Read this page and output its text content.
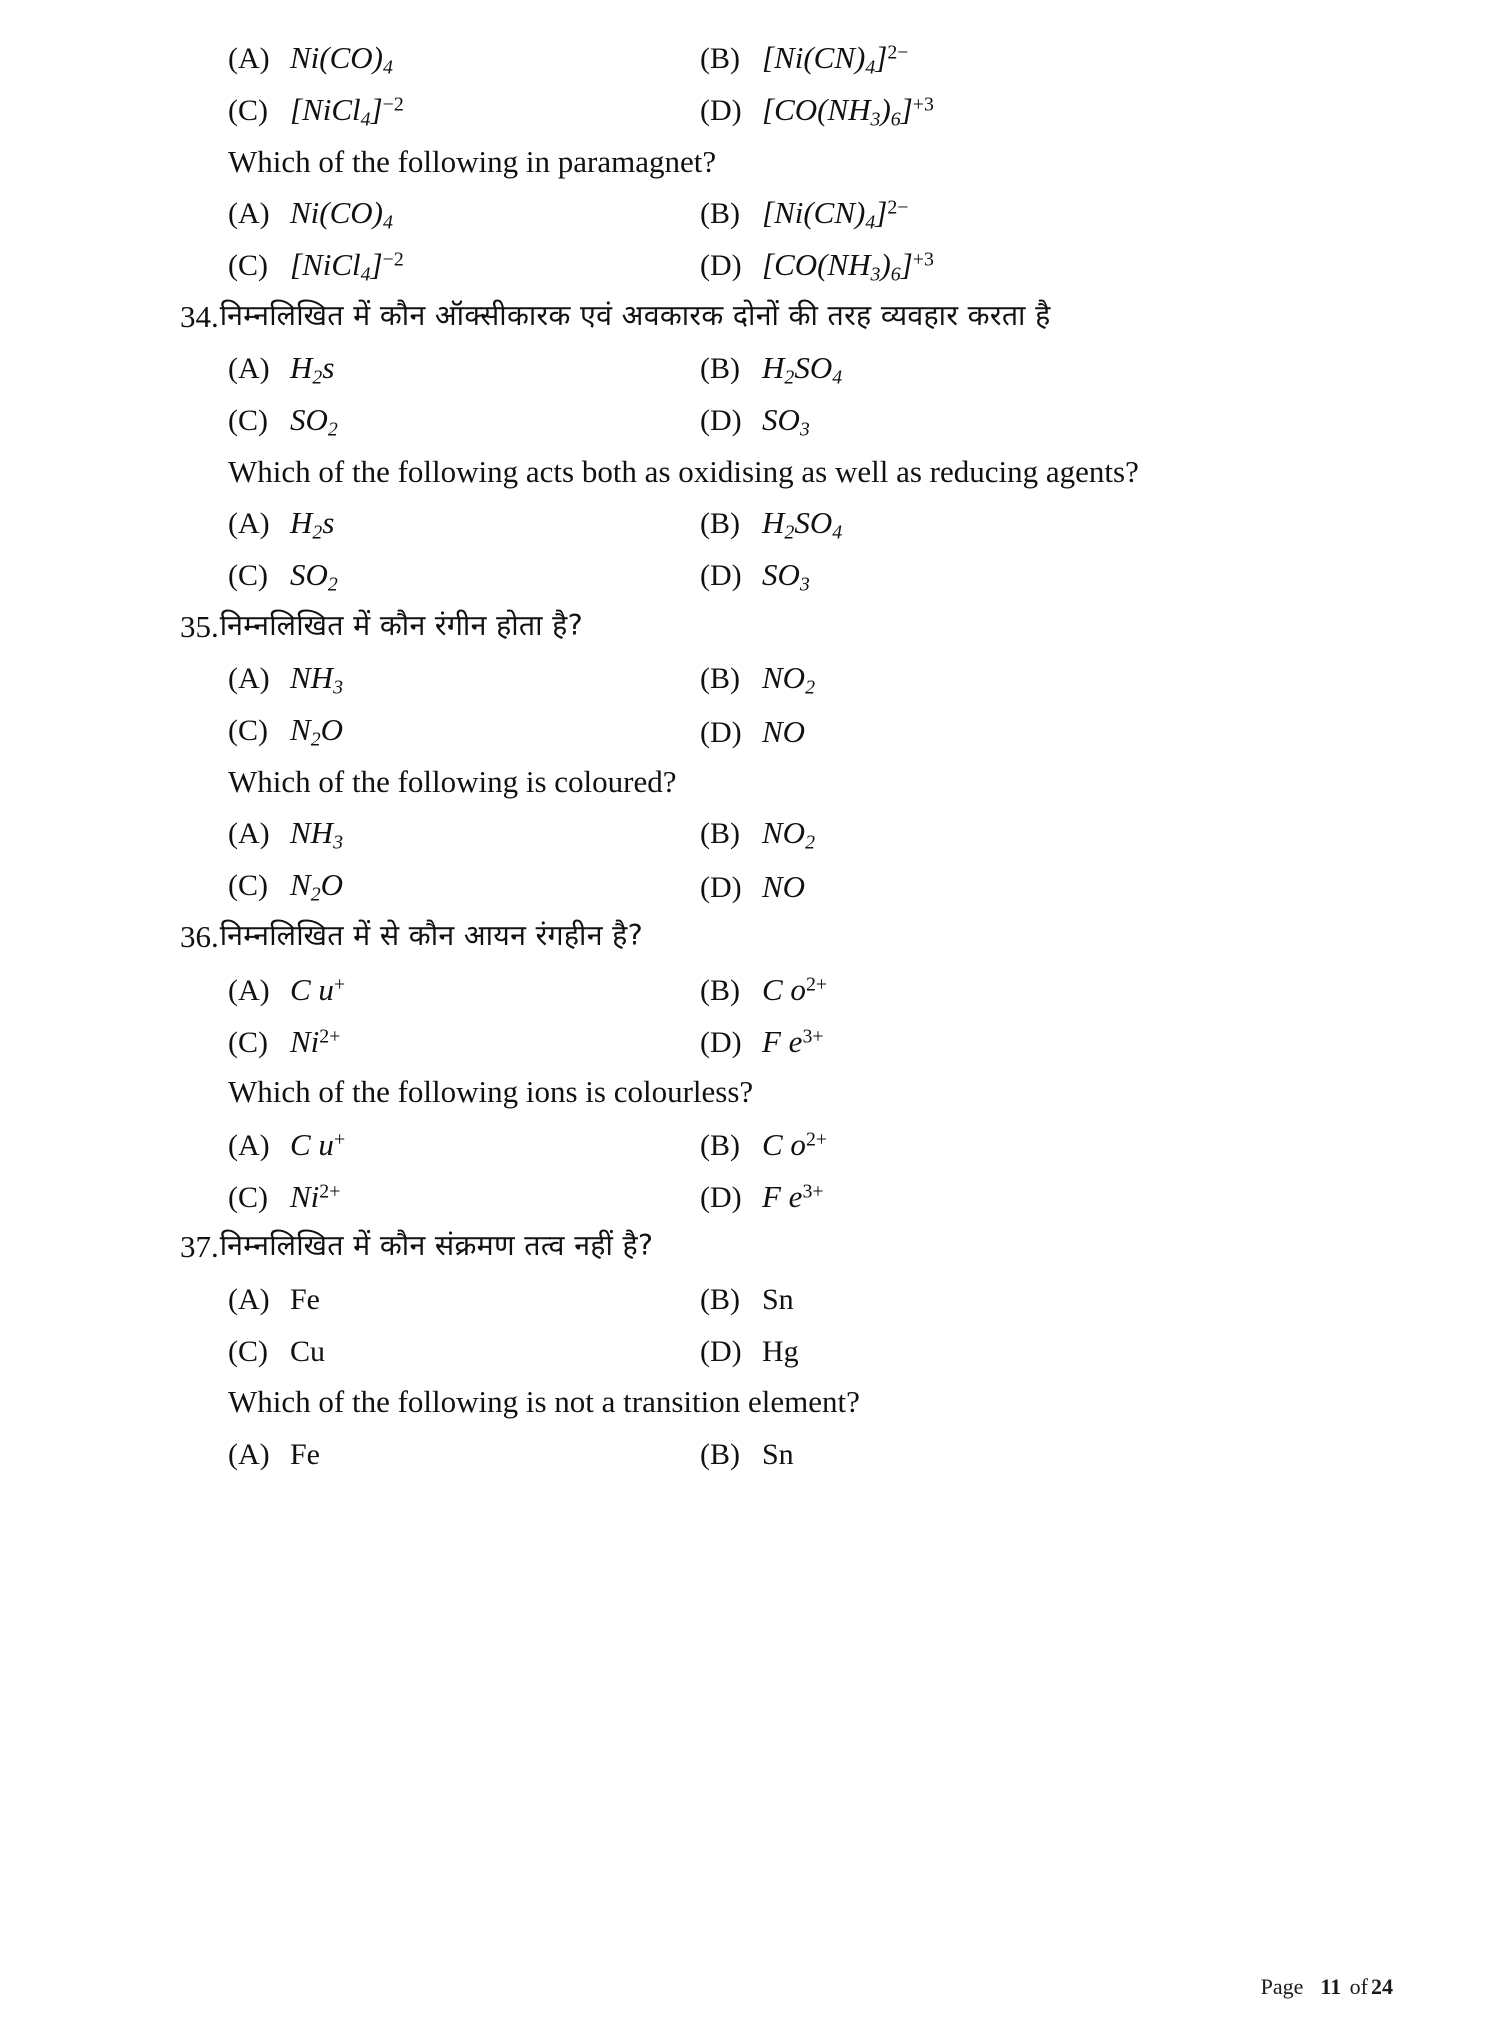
(A) $Ni(CO)_4$	(B) $[Ni(CN)_4]^{2-}$
(C) [NiCl$_4$]$^{-2}$	(D) $[CO(NH_3)_6]^{+3}$
Which of the following in paramagnet?
(A) $Ni(CO)_4$	(B) $[Ni(CN)_4]^{2-}$
(C) [NiCl$_4$]$^{-2}$	(D) $[CO(NH_3)_6]^{+3}$
34. निम्नलिखित में कौन ऑक्सीकारक एवं अवकारक दोनों की तरह व्यवहार करता है
(A) $H_2s$	(B) $H_2SO_4$
(C) $SO_2$	(D) $SO_3$
Which of the following acts both as oxidising as well as reducing agents?
(A) $H_2s$	(B) $H_2SO_4$
(C) $SO_2$	(D) $SO_3$
35. निम्नलिखित में कौन रंगीन होता है?
(A) $NH_3$	(B) $NO_2$
(C) $N_2O$	(D) NO
Which of the following is coloured?
(A) $NH_3$	(B) $NO_2$
(C) $N_2O$	(D) NO
36. निम्नलिखित में से कौन आयन रंगहीन है?
(A) C u+	(B) C $o^{2+}$
(C) $Ni^{2+}$	(D) F $e^{3+}$
Which of the following ions is colourless?
(A) C u+	(B) C $o^{2+}$
(C) $Ni^{2+}$	(D) F $e^{3+}$
37. निम्नलिखित में कौन संक्रमण तत्व नहीं है?
(A) Fe	(B) Sn
(C) Cu	(D) Hg
Which of the following is not a transition element?
(A) Fe	(B) Sn
Page 11 of 24
